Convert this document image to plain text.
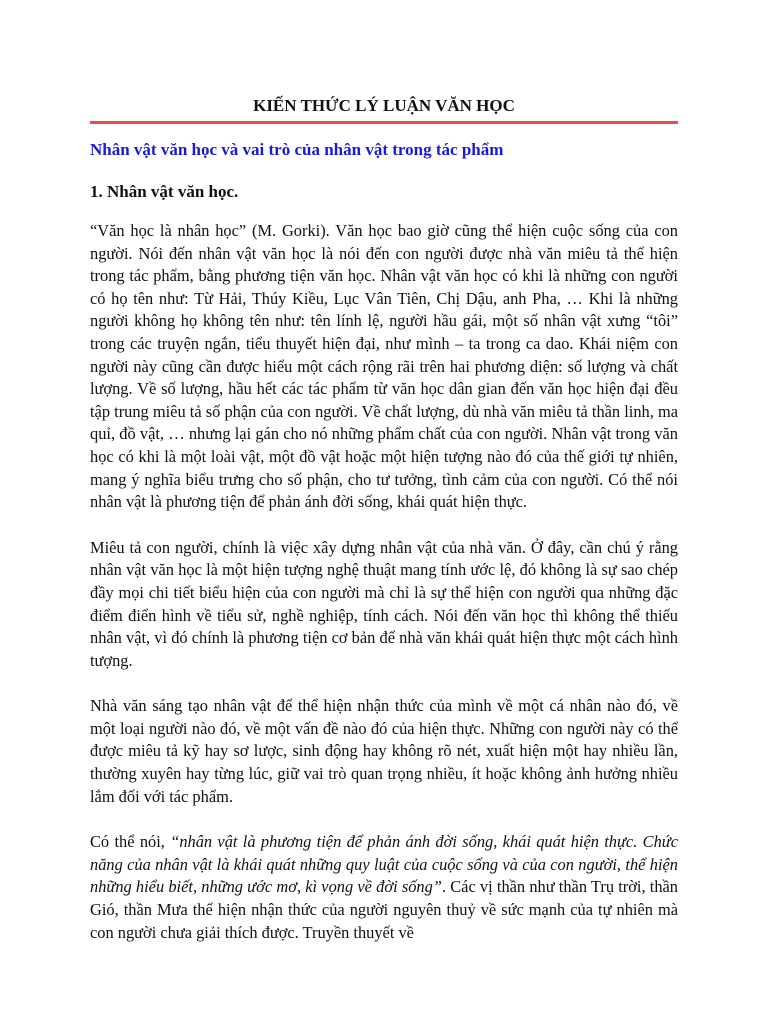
KIẾN THỨC LÝ LUẬN VĂN HỌC
Nhân vật văn học và vai trò của nhân vật trong tác phẩm
1. Nhân vật văn học.

“Văn học là nhân học” (M. Gorki). Văn học bao giờ cũng thể hiện cuộc sống của con người. Nói đến nhân vật văn học là nói đến con người được nhà văn miêu tả thể hiện trong tác phẩm, bằng phương tiện văn học. Nhân vật văn học có khi là những con người có họ tên như: Từ Hải, Thúy Kiều, Lục Vân Tiên, Chị Dậu, anh Pha, … Khi là những người không họ không tên như: tên lính lệ, người hầu gái, một số nhân vật xưng “tôi” trong các truyện ngắn, tiểu thuyết hiện đại, như mình – ta trong ca dao. Khái niệm con người này cũng cần được hiểu một cách rộng rãi trên hai phương diện: số lượng và chất lượng. Về số lượng, hầu hết các tác phẩm từ văn học dân gian đến văn học hiện đại đều tập trung miêu tả số phận của con người. Về chất lượng, dù nhà văn miêu tả thần linh, ma quỉ, đồ vật, … nhưng lại gán cho nó những phẩm chất của con người. Nhân vật trong văn học có khi là một loài vật, một đồ vật hoặc một hiện tượng nào đó của thế giới tự nhiên, mang ý nghĩa biểu trưng cho số phận, cho tư tưởng, tình cảm của con người. Có thể nói nhân vật là phương tiện để phản ánh đời sống, khái quát hiện thực.

Miêu tả con người, chính là việc xây dựng nhân vật của nhà văn. Ở đây, cần chú ý rằng nhân vật văn học là một hiện tượng nghệ thuật mang tính ước lệ, đó không là sự sao chép đầy mọi chi tiết biểu hiện của con người mà chỉ là sự thể hiện con người qua những đặc điểm điển hình về tiểu sử, nghề nghiệp, tính cách. Nói đến văn học thì không thể thiếu nhân vật, vì đó chính là phương tiện cơ bản để nhà văn khái quát hiện thực một cách hình tượng.

Nhà văn sáng tạo nhân vật để thể hiện nhận thức của mình về một cá nhân nào đó, về một loại người nào đó, về một vấn đề nào đó của hiện thực. Những con người này có thể được miêu tả kỹ hay sơ lược, sinh động hay không rõ nét, xuất hiện một hay nhiều lần, thường xuyên hay từng lúc, giữ vai trò quan trọng nhiều, ít hoặc không ảnh hưởng nhiều lắm đối với tác phẩm.

Có thể nói, “nhân vật là phương tiện để phản ánh đời sống, khái quát hiện thực. Chức năng của nhân vật là khái quát những quy luật của cuộc sống và của con người, thể hiện những hiểu biết, những ước mơ, kì vọng về đời sống”. Các vị thần như thần Trụ trời, thần Gió, thần Mưa thể hiện nhận thức của người nguyên thuỷ về sức mạnh của tự nhiên mà con người chưa giải thích được. Truyền thuyết về
